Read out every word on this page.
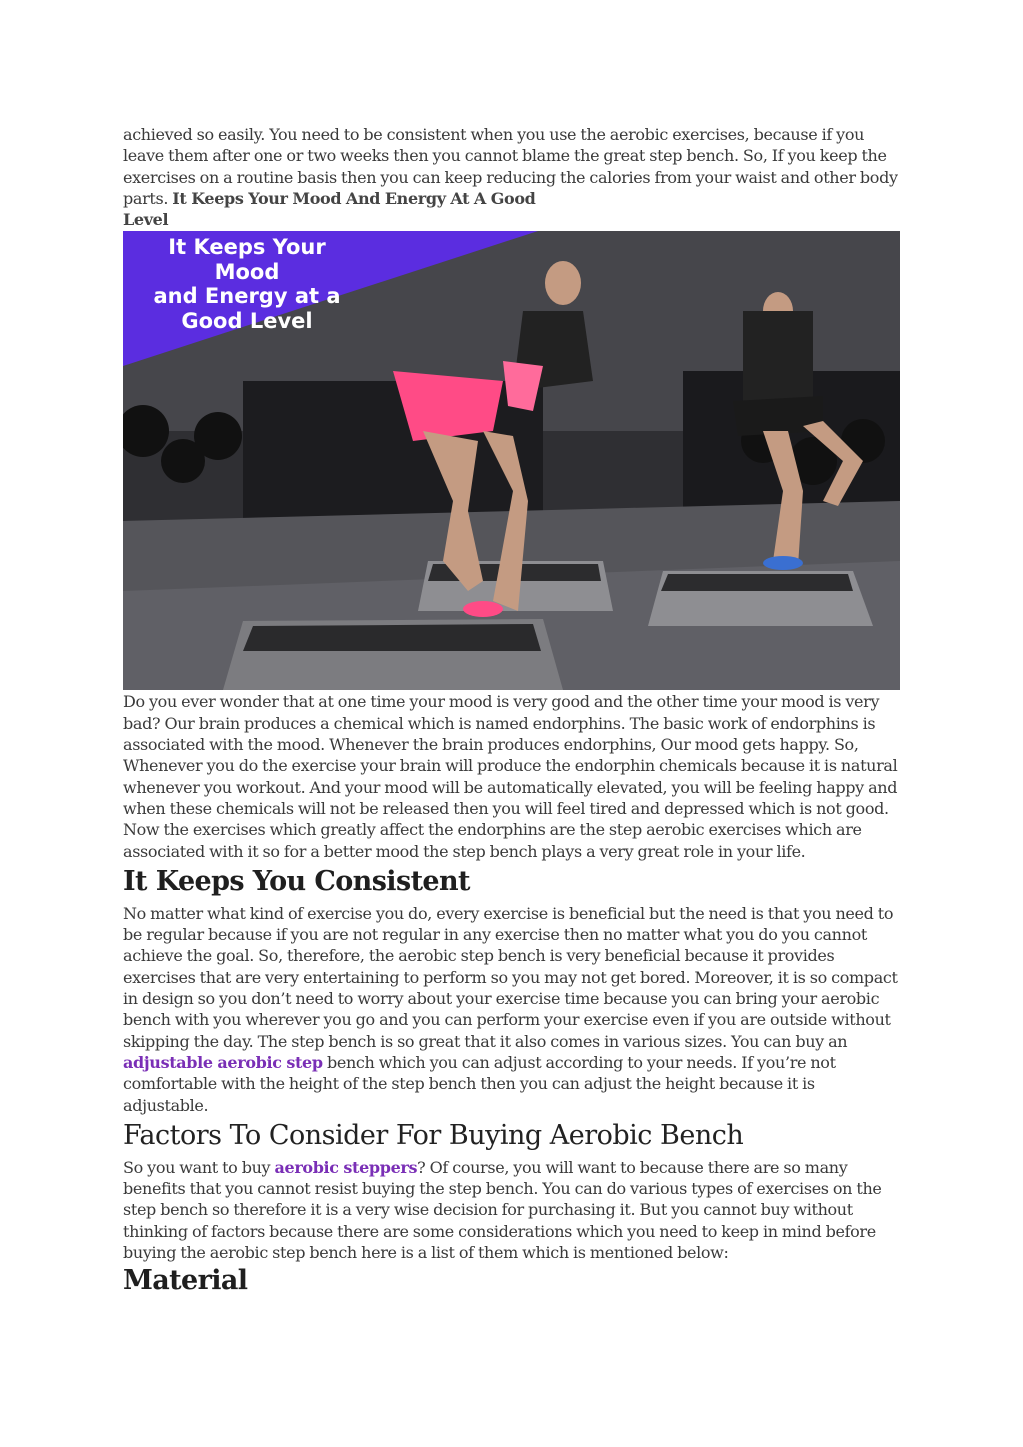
achieved so easily. You need to be consistent when you use the aerobic exercises, because if you leave them after one or two weeks then you cannot blame the great step bench. So, If you keep the exercises on a routine basis then you can keep reducing the calories from your waist and other body parts. It Keeps Your Mood And Energy At A Good
Level

It Keeps Your Mood
and Energy at a
Good Level

Do you ever wonder that at one time your mood is very good and the other time your mood is very bad? Our brain produces a chemical which is named endorphins. The basic work of endorphins is associated with the mood. Whenever the brain produces endorphins, Our mood gets happy. So, Whenever you do the exercise your brain will produce the endorphin chemicals because it is natural whenever you workout. And your mood will be automatically elevated, you will be feeling happy and when these chemicals will not be released then you will feel tired and depressed which is not good. Now the exercises which greatly affect the endorphins are the step aerobic exercises which are associated with it so for a better mood the step bench plays a very great role in your life.

It Keeps You Consistent

No matter what kind of exercise you do, every exercise is beneficial but the need is that you need to be regular because if you are not regular in any exercise then no matter what you do you cannot achieve the goal. So, therefore, the aerobic step bench is very beneficial because it provides exercises that are very entertaining to perform so you may not get bored. Moreover, it is so compact in design so you don’t need to worry about your exercise time because you can bring your aerobic bench with you wherever you go and you can perform your exercise even if you are outside without skipping the day. The step bench is so great that it also comes in various sizes. You can buy an adjustable aerobic step bench which you can adjust according to your needs. If you’re not comfortable with the height of the step bench then you can adjust the height because it is adjustable.

Factors To Consider For Buying Aerobic Bench

So you want to buy aerobic steppers? Of course, you will want to because there are so many benefits that you cannot resist buying the step bench. You can do various types of exercises on the step bench so therefore it is a very wise decision for purchasing it. But you cannot buy without thinking of factors because there are some considerations which you need to keep in mind before buying the aerobic step bench here is a list of them which is mentioned below:

Material
